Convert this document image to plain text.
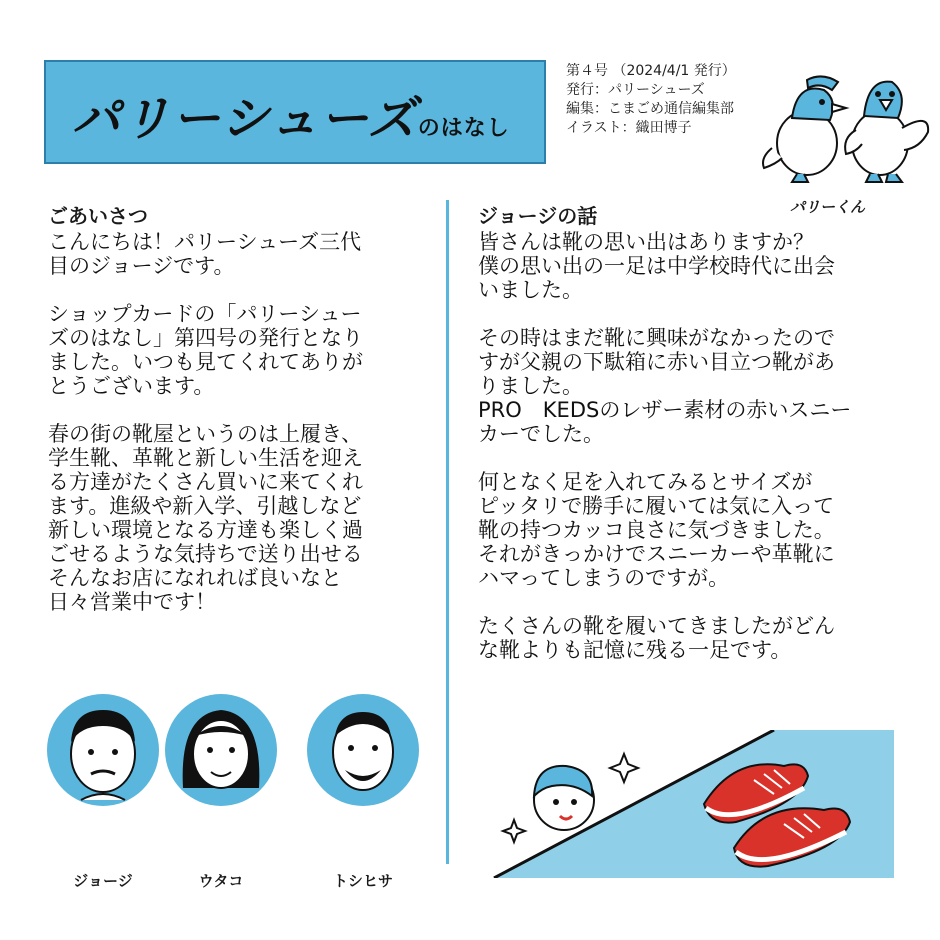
パリーシューズのはなし
第４号 （2024/4/1 発行）
発行：パリーシューズ
編集：こまごめ通信編集部
イラスト：織田博子
パリーくん
ごあいさつ
こんにちは！パリーシューズ三代
目のジョージです。

ショップカードの「パリーシュー
ズのはなし」第四号の発行となり
ました。いつも見てくれてありが
とうございます。

春の街の靴屋というのは上履き、
学生靴、革靴と新しい生活を迎え
る方達がたくさん買いに来てくれ
ます。進級や新入学、引越しなど
新しい環境となる方達も楽しく過
ごせるような気持ちで送り出せる
そんなお店になれれば良いなと
日々営業中です！
ジョージの話
皆さんは靴の思い出はありますか？
僕の思い出の一足は中学校時代に出会
いました。

その時はまだ靴に興味がなかったので
すが父親の下駄箱に赤い目立つ靴があ
りました。
PRO　KEDSのレザー素材の赤いスニー
カーでした。

何となく足を入れてみるとサイズが
ピッタリで勝手に履いては気に入って
靴の持つカッコ良さに気づきました。
それがきっかけでスニーカーや革靴に
ハマってしまうのですが。

たくさんの靴を履いてきましたがどん
な靴よりも記憶に残る一足です。
ジョージ	ウタコ	トシヒサ
